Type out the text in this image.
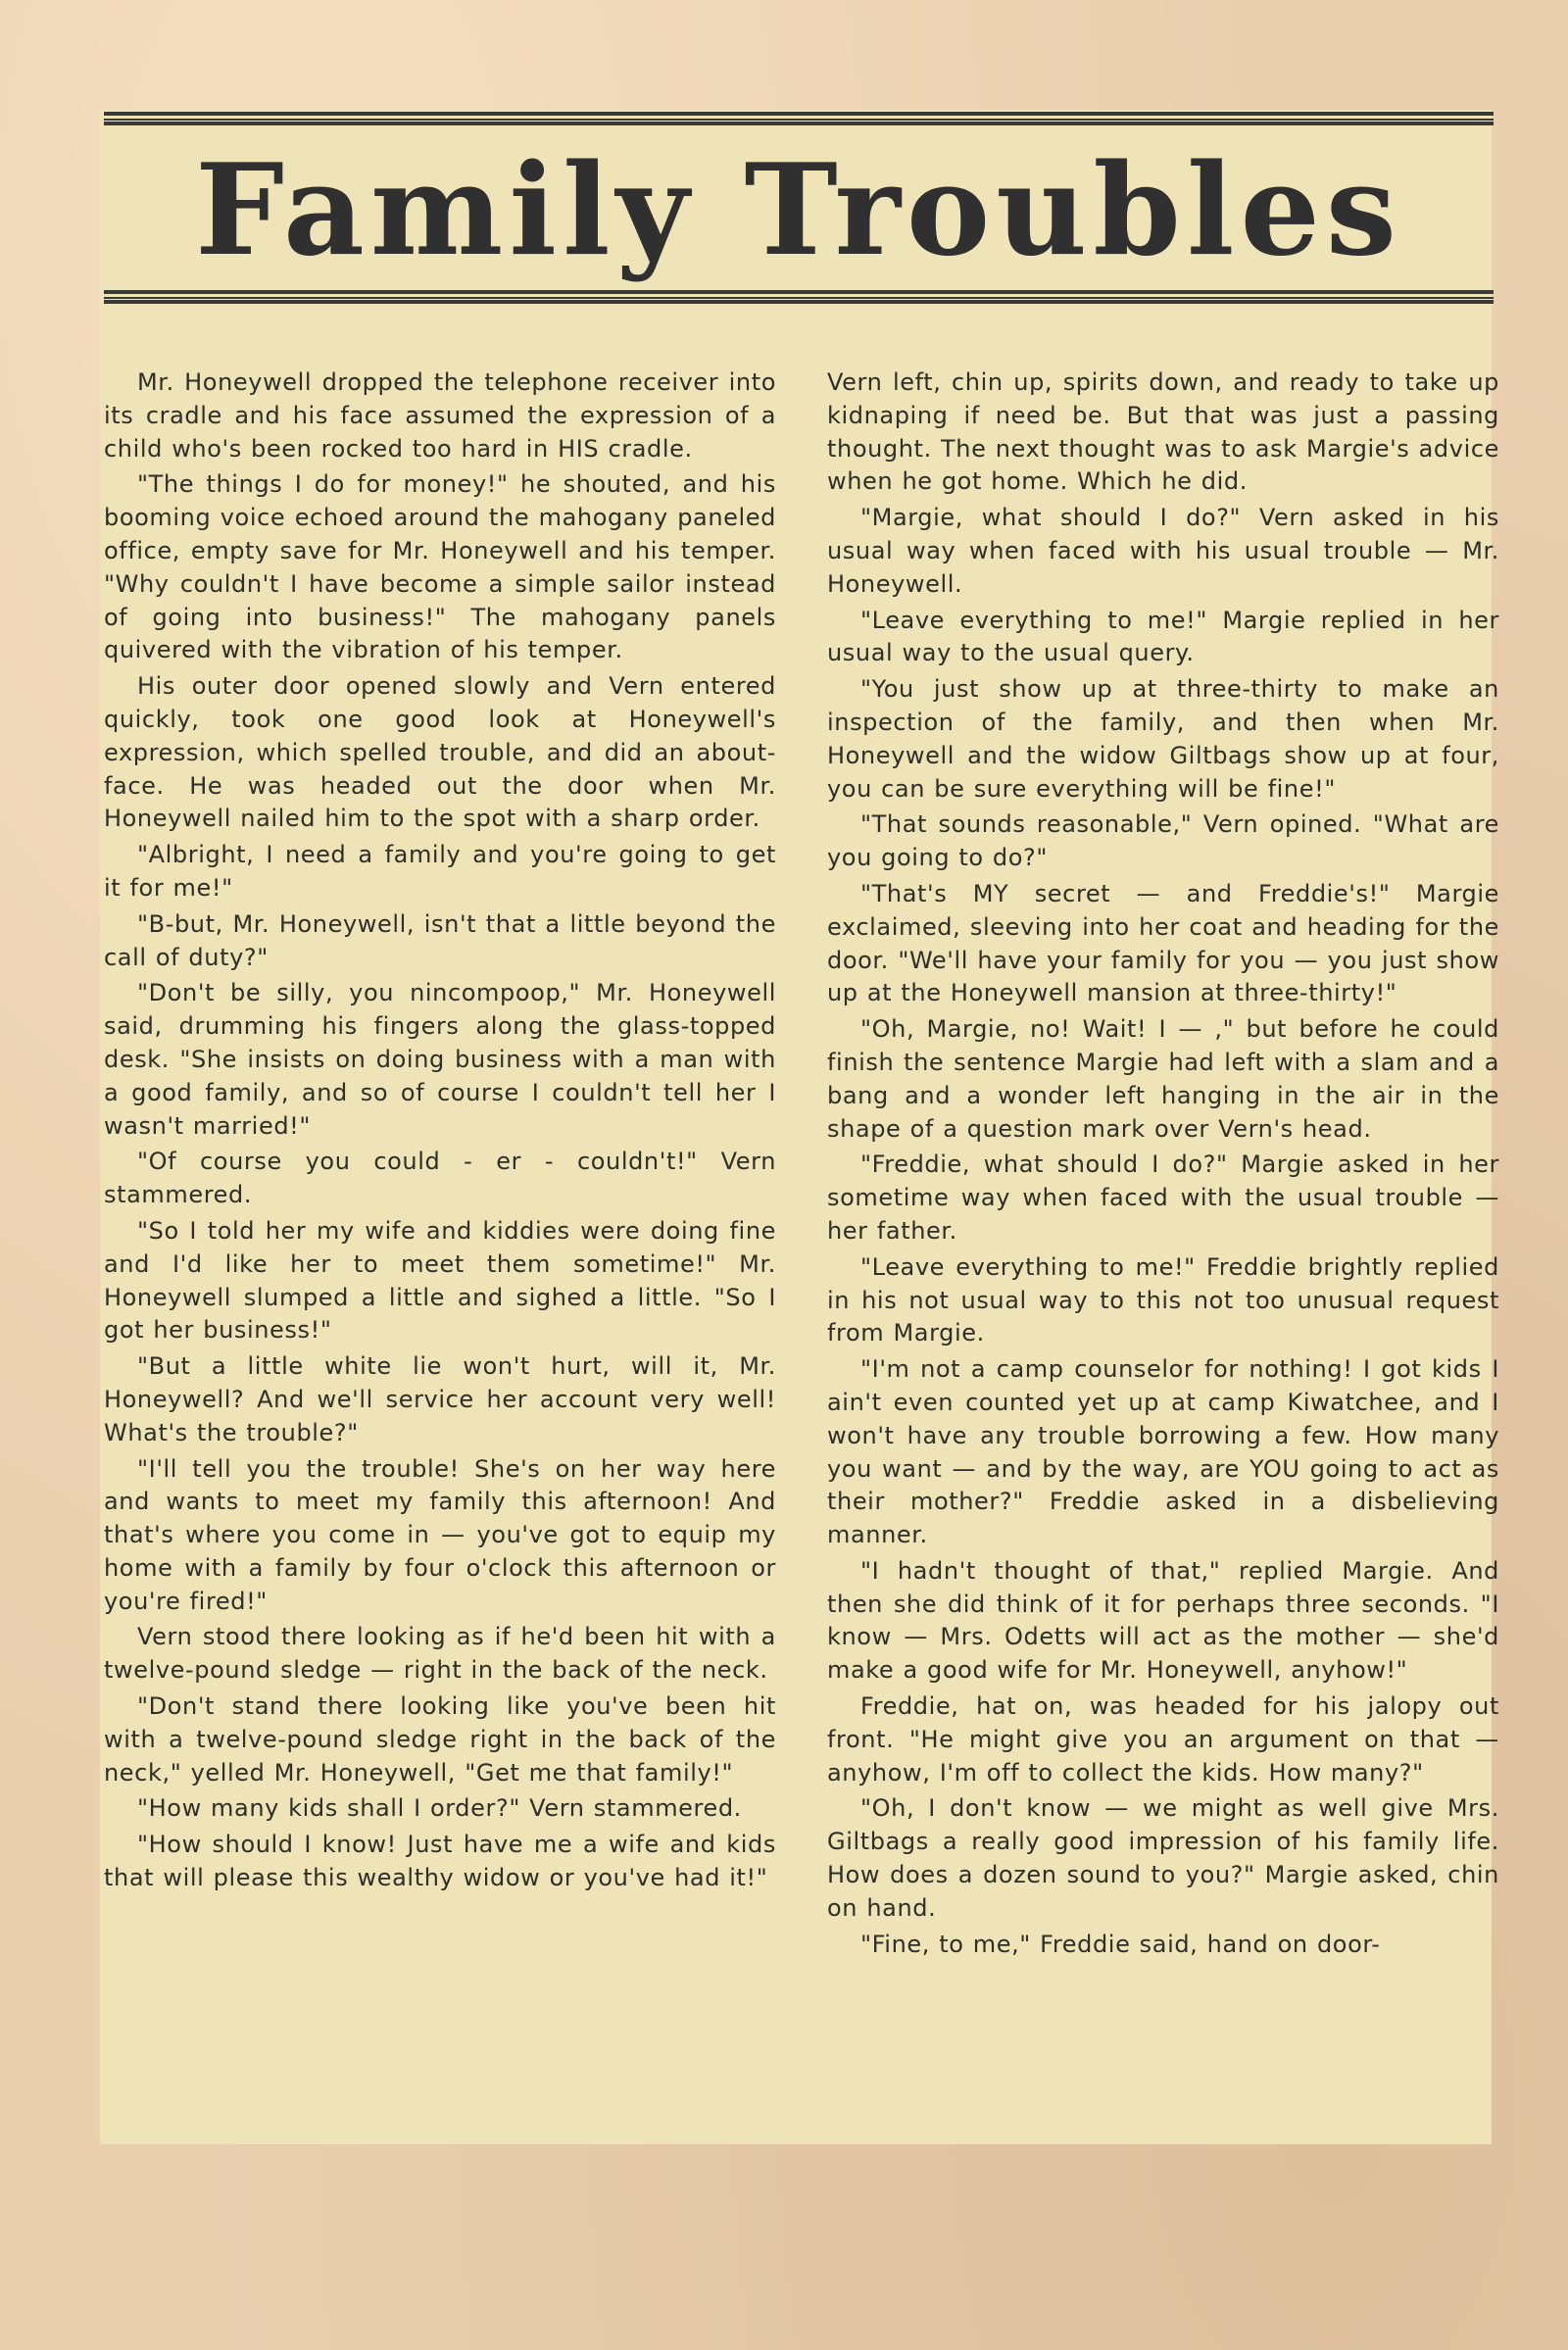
Family Troubles

Mr. Honeywell dropped the telephone receiver into its cradle and his face assumed the expression of a child who's been rocked too hard in HIS cradle.

"The things I do for money!" he shouted, and his booming voice echoed around the mahogany paneled office, empty save for Mr. Honeywell and his temper. "Why couldn't I have become a simple sailor instead of going into business!" The mahogany panels quivered with the vibration of his temper.

His outer door opened slowly and Vern entered quickly, took one good look at Honeywell's expression, which spelled trouble, and did an about-face. He was headed out the door when Mr. Honeywell nailed him to the spot with a sharp order.

"Albright, I need a family and you're going to get it for me!"

"B-but, Mr. Honeywell, isn't that a little beyond the call of duty?"

"Don't be silly, you nincompoop," Mr. Honeywell said, drumming his fingers along the glass-topped desk. "She insists on doing business with a man with a good family, and so of course I couldn't tell her I wasn't married!"

"Of course you could - er - couldn't!" Vern stammered.

"So I told her my wife and kiddies were doing fine and I'd like her to meet them sometime!" Mr. Honeywell slumped a little and sighed a little. "So I got her business!"

"But a little white lie won't hurt, will it, Mr. Honeywell? And we'll service her account very well! What's the trouble?"

"I'll tell you the trouble! She's on her way here and wants to meet my family this afternoon! And that's where you come in — you've got to equip my home with a family by four o'clock this afternoon or you're fired!"

Vern stood there looking as if he'd been hit with a twelve-pound sledge — right in the back of the neck.

"Don't stand there looking like you've been hit with a twelve-pound sledge right in the back of the neck," yelled Mr. Honeywell, "Get me that family!"

"How many kids shall I order?" Vern stammered.

"How should I know! Just have me a wife and kids that will please this wealthy widow or you've had it!"

Vern left, chin up, spirits down, and ready to take up kidnaping if need be. But that was just a passing thought. The next thought was to ask Margie's advice when he got home. Which he did.

"Margie, what should I do?" Vern asked in his usual way when faced with his usual trouble — Mr. Honeywell.

"Leave everything to me!" Margie replied in her usual way to the usual query.

"You just show up at three-thirty to make an inspection of the family, and then when Mr. Honeywell and the widow Giltbags show up at four, you can be sure everything will be fine!"

"That sounds reasonable," Vern opined. "What are you going to do?"

"That's MY secret — and Freddie's!" Margie exclaimed, sleeving into her coat and heading for the door. "We'll have your family for you — you just show up at the Honeywell mansion at three-thirty!"

"Oh, Margie, no! Wait! I — ," but before he could finish the sentence Margie had left with a slam and a bang and a wonder left hanging in the air in the shape of a question mark over Vern's head.

"Freddie, what should I do?" Margie asked in her sometime way when faced with the usual trouble — her father.

"Leave everything to me!" Freddie brightly replied in his not usual way to this not too unusual request from Margie.

"I'm not a camp counselor for nothing! I got kids I ain't even counted yet up at camp Kiwatchee, and I won't have any trouble borrowing a few. How many you want — and by the way, are YOU going to act as their mother?" Freddie asked in a disbelieving manner.

"I hadn't thought of that," replied Margie. And then she did think of it for perhaps three seconds. "I know — Mrs. Odetts will act as the mother — she'd make a good wife for Mr. Honeywell, anyhow!"

Freddie, hat on, was headed for his jalopy out front. "He might give you an argument on that — anyhow, I'm off to collect the kids. How many?"

"Oh, I don't know — we might as well give Mrs. Giltbags a really good impression of his family life. How does a dozen sound to you?" Margie asked, chin on hand.

"Fine, to me," Freddie said, hand on door-
